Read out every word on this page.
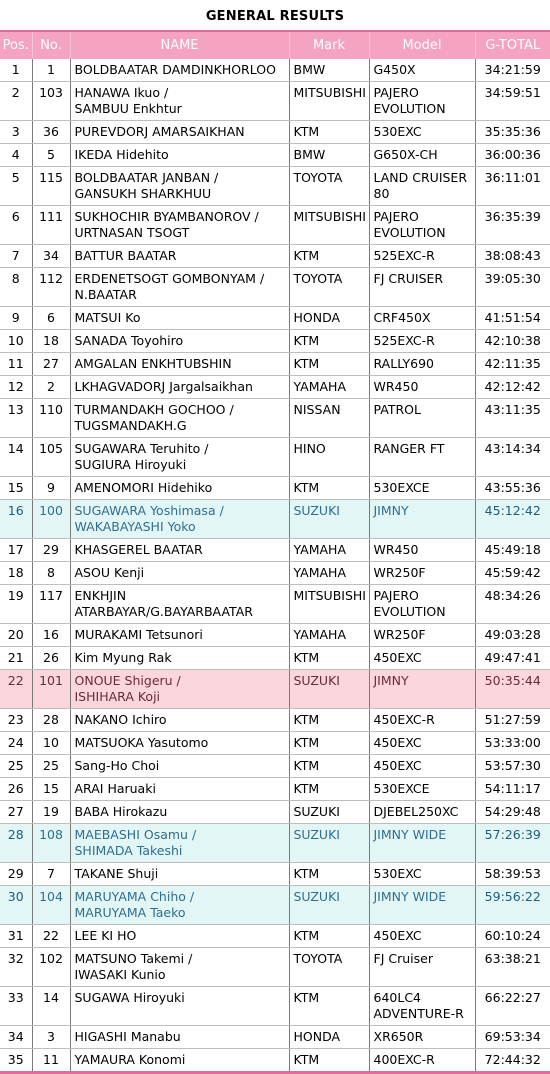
GENERAL RESULTS
Pos.	No.	NAME	Mark	Model	G-TOTAL
1	1	BOLDBAATAR DAMDINKHORLOO	BMW	G450X	34:21:59
2	103	HANAWA Ikuo /
SAMBUU Enkhtur	MITSUBISHI	PAJERO
EVOLUTION	34:59:51
3	36	PUREVDORJ AMARSAIKHAN	KTM	530EXC	35:35:36
4	5	IKEDA Hidehito	BMW	G650X-CH	36:00:36
5	115	BOLDBAATAR JANBAN /
GANSUKH SHARKHUU	TOYOTA	LAND CRUISER
80	36:11:01
6	111	SUKHOCHIR BYAMBANOROV /
URTNASAN TSOGT	MITSUBISHI	PAJERO
EVOLUTION	36:35:39
7	34	BATTUR BAATAR	KTM	525EXC-R	38:08:43
8	112	ERDENETSOGT GOMBONYAM /
N.BAATAR	TOYOTA	FJ CRUISER	39:05:30
9	6	MATSUI Ko	HONDA	CRF450X	41:51:54
10	18	SANADA Toyohiro	KTM	525EXC-R	42:10:38
11	27	AMGALAN ENKHTUBSHIN	KTM	RALLY690	42:11:35
12	2	LKHAGVADORJ Jargalsaikhan	YAMAHA	WR450	42:12:42
13	110	TURMANDAKH GOCHOO /
TUGSMANDAKH.G	NISSAN	PATROL	43:11:35
14	105	SUGAWARA Teruhito /
SUGIURA Hiroyuki	HINO	RANGER FT	43:14:34
15	9	AMENOMORI Hidehiko	KTM	530EXCE	43:55:36
16	100	SUGAWARA Yoshimasa /
WAKABAYASHI Yoko	SUZUKI	JIMNY	45:12:42
17	29	KHASGEREL BAATAR	YAMAHA	WR450	45:49:18
18	8	ASOU Kenji	YAMAHA	WR250F	45:59:42
19	117	ENKHJIN
ATARBAYAR/G.BAYARBAATAR	MITSUBISHI	PAJERO
EVOLUTION	48:34:26
20	16	MURAKAMI Tetsunori	YAMAHA	WR250F	49:03:28
21	26	Kim Myung Rak	KTM	450EXC	49:47:41
22	101	ONOUE Shigeru /
ISHIHARA Koji	SUZUKI	JIMNY	50:35:44
23	28	NAKANO Ichiro	KTM	450EXC-R	51:27:59
24	10	MATSUOKA Yasutomo	KTM	450EXC	53:33:00
25	25	Sang-Ho Choi	KTM	450EXC	53:57:30
26	15	ARAI Haruaki	KTM	530EXCE	54:11:17
27	19	BABA Hirokazu	SUZUKI	DJEBEL250XC	54:29:48
28	108	MAEBASHI Osamu /
SHIMADA Takeshi	SUZUKI	JIMNY WIDE	57:26:39
29	7	TAKANE Shuji	KTM	530EXC	58:39:53
30	104	MARUYAMA Chiho /
MARUYAMA Taeko	SUZUKI	JIMNY WIDE	59:56:22
31	22	LEE KI HO	KTM	450EXC	60:10:24
32	102	MATSUNO Takemi /
IWASAKI Kunio	TOYOTA	FJ Cruiser	63:38:21
33	14	SUGAWA Hiroyuki	KTM	640LC4
ADVENTURE-R	66:22:27
34	3	HIGASHI Manabu	HONDA	XR650R	69:53:34
35	11	YAMAURA Konomi	KTM	400EXC-R	72:44:32
